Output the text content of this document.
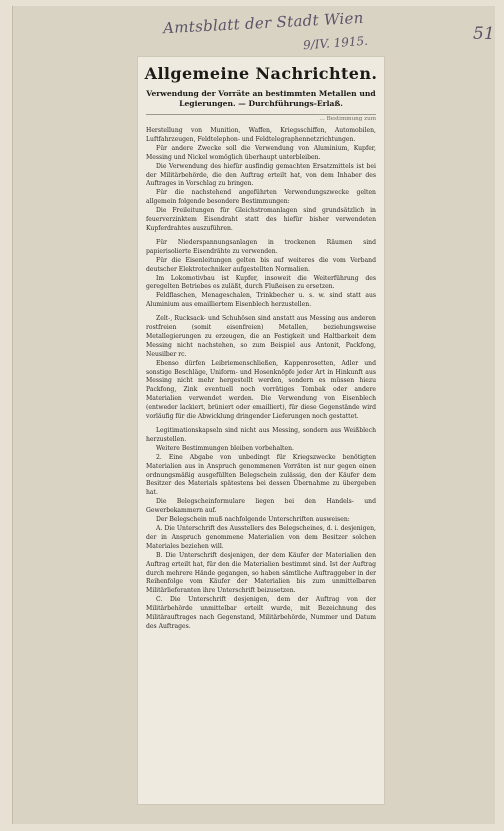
Amtsblatt der Stadt Wien
9/IV. 1915.	51
Allgemeine Nachrichten.
Verwendung der Vorräte an bestimmten Metallen und Legierungen. — Durchführungs-Erlaß.
… Bestimmung zum

Herstellung von Munition, Waffen, Kriegsschiffen, Automobilen, Luftfahrzeugen, Feldtelephon- und Feldtelegraphennetzrichtungen.

Für andere Zwecke soll die Verwendung von Aluminium, Kupfer, Messing und Nickel womöglich überhaupt unterbleiben.

Die Verwendung des hiefür ausfindig gemachten Ersatzmittels ist bei der Militärbehörde, die den Auftrag erteilt hat, von dem Inhaber des Auftrages in Vorschlag zu bringen.

Für die nachstehend angeführten Verwendungszwecke gelten allgemein folgende besondere Bestimmungen:

Die Freileitungen für Gleichstromanlagen sind grundsätzlich in feuerverzinktem Eisendraht statt des hiefür bisher verwendeten Kupferdrahtes auszuführen.

Für Niederspannungsanlagen in trockenen Räumen sind papierisolierte Eisendrähte zu verwenden.

Für die Eisenleitungen gelten bis auf weiteres die vom Verband deutscher Elektrotechniker aufgestellten Normalien.

Im Lokomotivbau ist Kupfer, insoweit die Weiterführung des geregelten Betriebes es zuläßt, durch Flußeisen zu ersetzen.

Feldflaschen, Menageschalen, Trinkbecher u. s. w. sind statt aus Aluminium aus emailliertem Eisenblech herzustellen.

Zelt-, Rucksack- und Schuhösen sind anstatt aus Messing aus anderen rostfreien (somit eisenfreien) Metallen, beziehungsweise Metallegierungen zu erzeugen, die an Festigkeit und Haltbarkeit dem Messing nicht nachstehen, so zum Beispiel aus Antonit, Packfong, Neusilber rc.

Ebenso dürfen Leibriemenschließen, Kappenrosetten, Adler und sonstige Beschläge, Uniform- und Hosenknöpfe jeder Art in Hinkunft aus Messing nicht mehr hergestellt werden, sondern es müssen hiezu Packfong, Zink eventuell noch vorrätiges Tombak oder andere Materialien verwendet werden. Die Verwendung von Eisenblech (entweder lackiert, brüniert oder emailliert), für diese Gegenstände wird vorläufig für die Abwicklung dringender Lieferungen noch gestattet.

Legitimationskapseln sind nicht aus Messing, sondern aus Weißblech herzustellen.

Weitere Bestimmungen bleiben vorbehalten.

2. Eine Abgabe von unbedingt für Kriegszwecke benötigten Materialien aus in Anspruch genommenen Vorräten ist nur gegen einen ordnungsmäßig ausgefüllten Belegschein zulässig, den der Käufer dem Besitzer des Materials spätestens bei dessen Übernahme zu übergeben hat.

Die Belegscheinformulare liegen bei den Handels- und Gewerbekammern auf.

Der Belegschein muß nachfolgende Unterschriften ausweisen:

A. Die Unterschrift des Ausstellers des Belegscheines, d. i. desjenigen, der in Anspruch genommene Materialien von dem Besitzer solchen Materiales beziehen will.

B. Die Unterschrift desjenigen, der dem Käufer der Materialien den Auftrag erteilt hat, für den die Materialien bestimmt sind. Ist der Auftrag durch mehrere Hände gegangen, so haben sämtliche Auftraggeber in der Reihenfolge vom Käufer der Materialien bis zum unmittelbaren Militärlieferanten ihre Unterschrift beizusetzen.

C. Die Unterschrift desjenigen, dem der Auftrag von der Militärbehörde unmittelbar erteilt wurde, mit Bezeichnung des Militärauftrages nach Gegenstand, Militärbehörde, Nummer und Datum des Auftrages.
